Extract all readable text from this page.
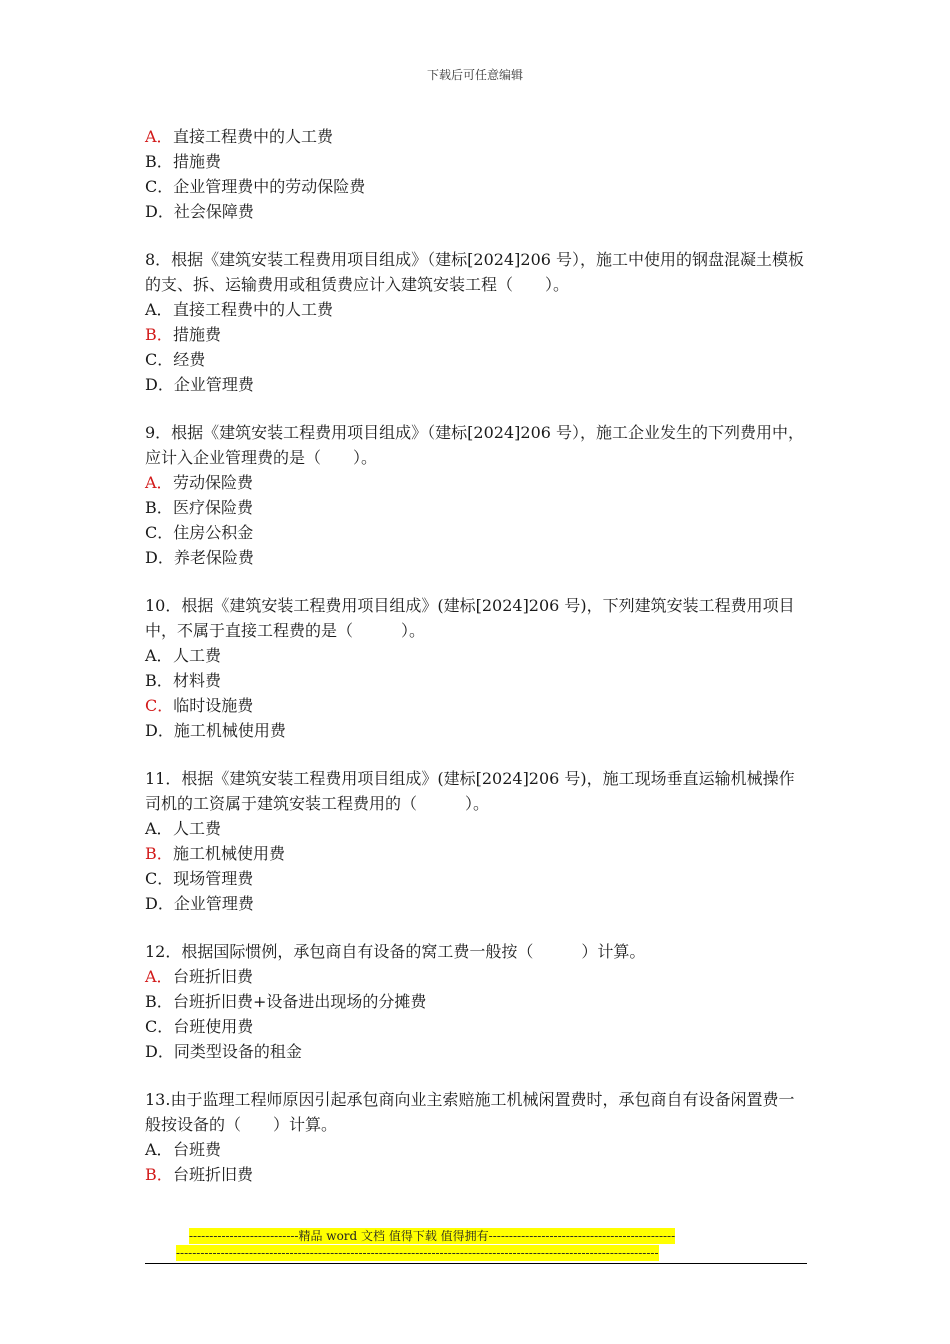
下载后可任意编辑
A．直接工程费中的人工费
B．措施费
C．企业管理费中的劳动保险费
D．社会保障费
8．根据《建筑安装工程费用项目组成》（建标[2024]206 号），施工中使用的钢盘混凝土模板的支、拆、运输费用或租赁费应计入建筑安装工程（　　）。
A．直接工程费中的人工费
B．措施费
C．经费
D．企业管理费
9．根据《建筑安装工程费用项目组成》（建标[2024]206 号），施工企业发生的下列费用中，应计入企业管理费的是（　　）。
A．劳动保险费
B．医疗保险费
C．住房公积金
D．养老保险费
10．根据《建筑安装工程费用项目组成》(建标[2024]206 号)，下列建筑安装工程费用项目中，不属于直接工程费的是（　　　）。
A．人工费
B．材料费
C．临时设施费
D．施工机械使用费
11．根据《建筑安装工程费用项目组成》(建标[2024]206 号)，施工现场垂直运输机械操作司机的工资属于建筑安装工程费用的（　　　）。
A．人工费
B．施工机械使用费
C．现场管理费
D．企业管理费
12．根据国际惯例，承包商自有设备的窝工费一般按（　　　）计算。
A．台班折旧费
B．台班折旧费+设备进出现场的分摊费
C．台班使用费
D．同类型设备的租金
13.由于监理工程师原因引起承包商向业主索赔施工机械闲置费时，承包商自有设备闲置费一般按设备的（　　）计算。
A．台班费
B．台班折旧费
---------------------------精品 word 文档 值得下载 值得拥有----------------------------------------------
-----------------------------------------------------------------------------------------------------------------------
